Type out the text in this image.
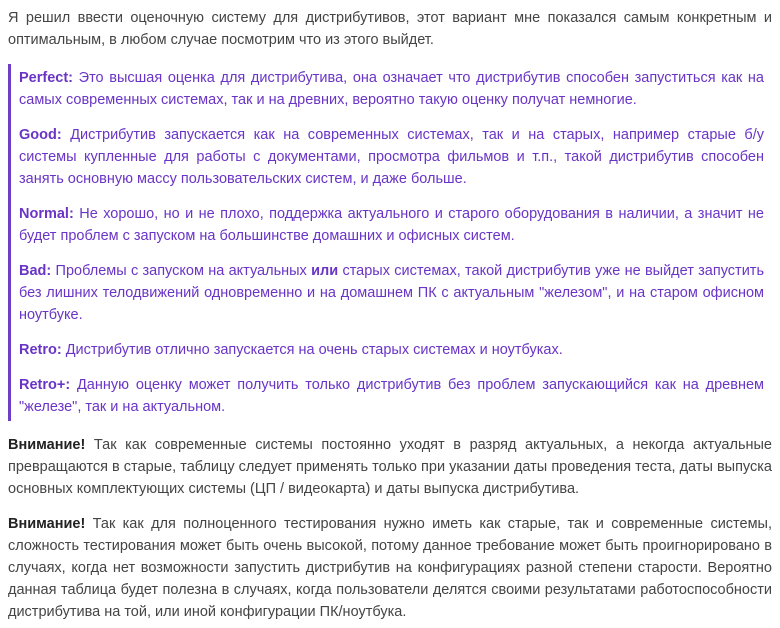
Я решил ввести оценочную систему для дистрибутивов, этот вариант мне показался самым конкретным и оптимальным, в любом случае посмотрим что из этого выйдет.

Perfect: Это высшая оценка для дистрибутива, она означает что дистрибутив способен запуститься как на самых современных системах, так и на древних, вероятно такую оценку получат немногие.

Good: Дистрибутив запускается как на современных системах, так и на старых, например старые б/у системы купленные для работы с документами, просмотра фильмов и т.п., такой дистрибутив способен занять основную массу пользовательских систем, и даже больше.

Normal: Не хорошо, но и не плохо, поддержка актуального и старого оборудования в наличии, а значит не будет проблем с запуском на большинстве домашних и офисных систем.

Bad: Проблемы с запуском на актуальных или старых системах, такой дистрибутив уже не выйдет запустить без лишних телодвижений одновременно и на домашнем ПК с актуальным "железом", и на старом офисном ноутбуке.

Retro: Дистрибутив отлично запускается на очень старых системах и ноутбуках.

Retro+: Данную оценку может получить только дистрибутив без проблем запускающийся как на древнем "железе", так и на актуальном.

Внимание! Так как современные системы постоянно уходят в разряд актуальных, а некогда актуальные превращаются в старые, таблицу следует применять только при указании даты проведения теста, даты выпуска основных комплектующих системы (ЦП / видеокарта) и даты выпуска дистрибутива.

Внимание! Так как для полноценного тестирования нужно иметь как старые, так и современные системы, сложность тестирования может быть очень высокой, потому данное требование может быть проигнорировано в случаях, когда нет возможности запустить дистрибутив на конфигурациях разной степени старости. Вероятно данная таблица будет полезна в случаях, когда пользователи делятся своими результатами работоспособности дистрибутива на той, или иной конфигурации ПК/ноутбука.
